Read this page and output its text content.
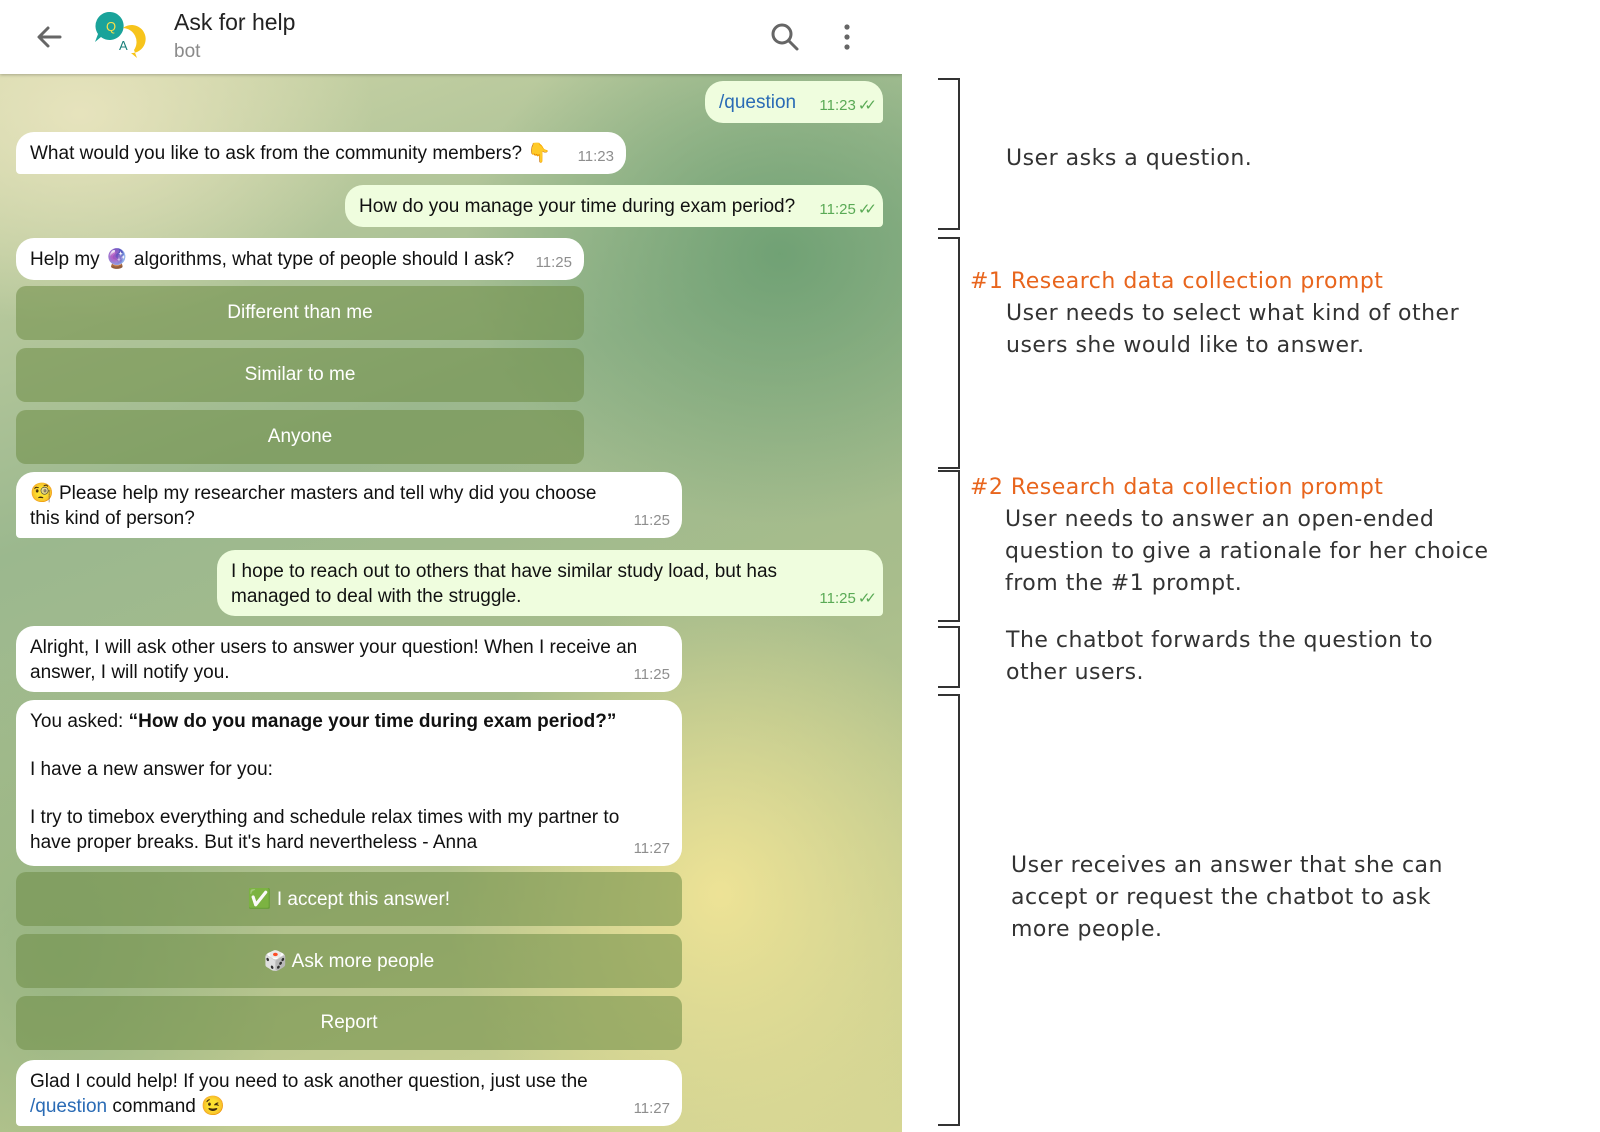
Q
A
Ask for help
bot
/question 11:23 ✓✓
What would you like to ask from the community members? 👇 11:23
How do you manage your time during exam period? 11:25 ✓✓
Help my 🔮 algorithms, what type of people should I ask? 11:25
Different than me
Similar to me
Anyone
🧐 Please help my researcher masters and tell why did you choose this kind of person?	11:25
I hope to reach out to others that have similar study load, but has managed to deal with the struggle.	11:25 ✓✓
Alright, I will ask other users to answer your question! When I receive an answer, I will notify you.	11:25
You asked: “How do you manage your time during exam period?”
I have a new answer for you:
I try to timebox everything and schedule relax times with my partner to have proper breaks. But it's hard nevertheless - Anna	11:27
✅ I accept this answer!
🎲 Ask more people
Report
Glad I could help! If you need to ask another question, just use the /question command 😉	11:27
User asks a question.
#1 Research data collection prompt
User needs to select what kind of other users she would like to answer.
#2 Research data collection prompt
User needs to answer an open-ended question to give a rationale for her choice from the #1 prompt.
The chatbot forwards the question to other users.
User receives an answer that she can accept or request the chatbot to ask more people.
